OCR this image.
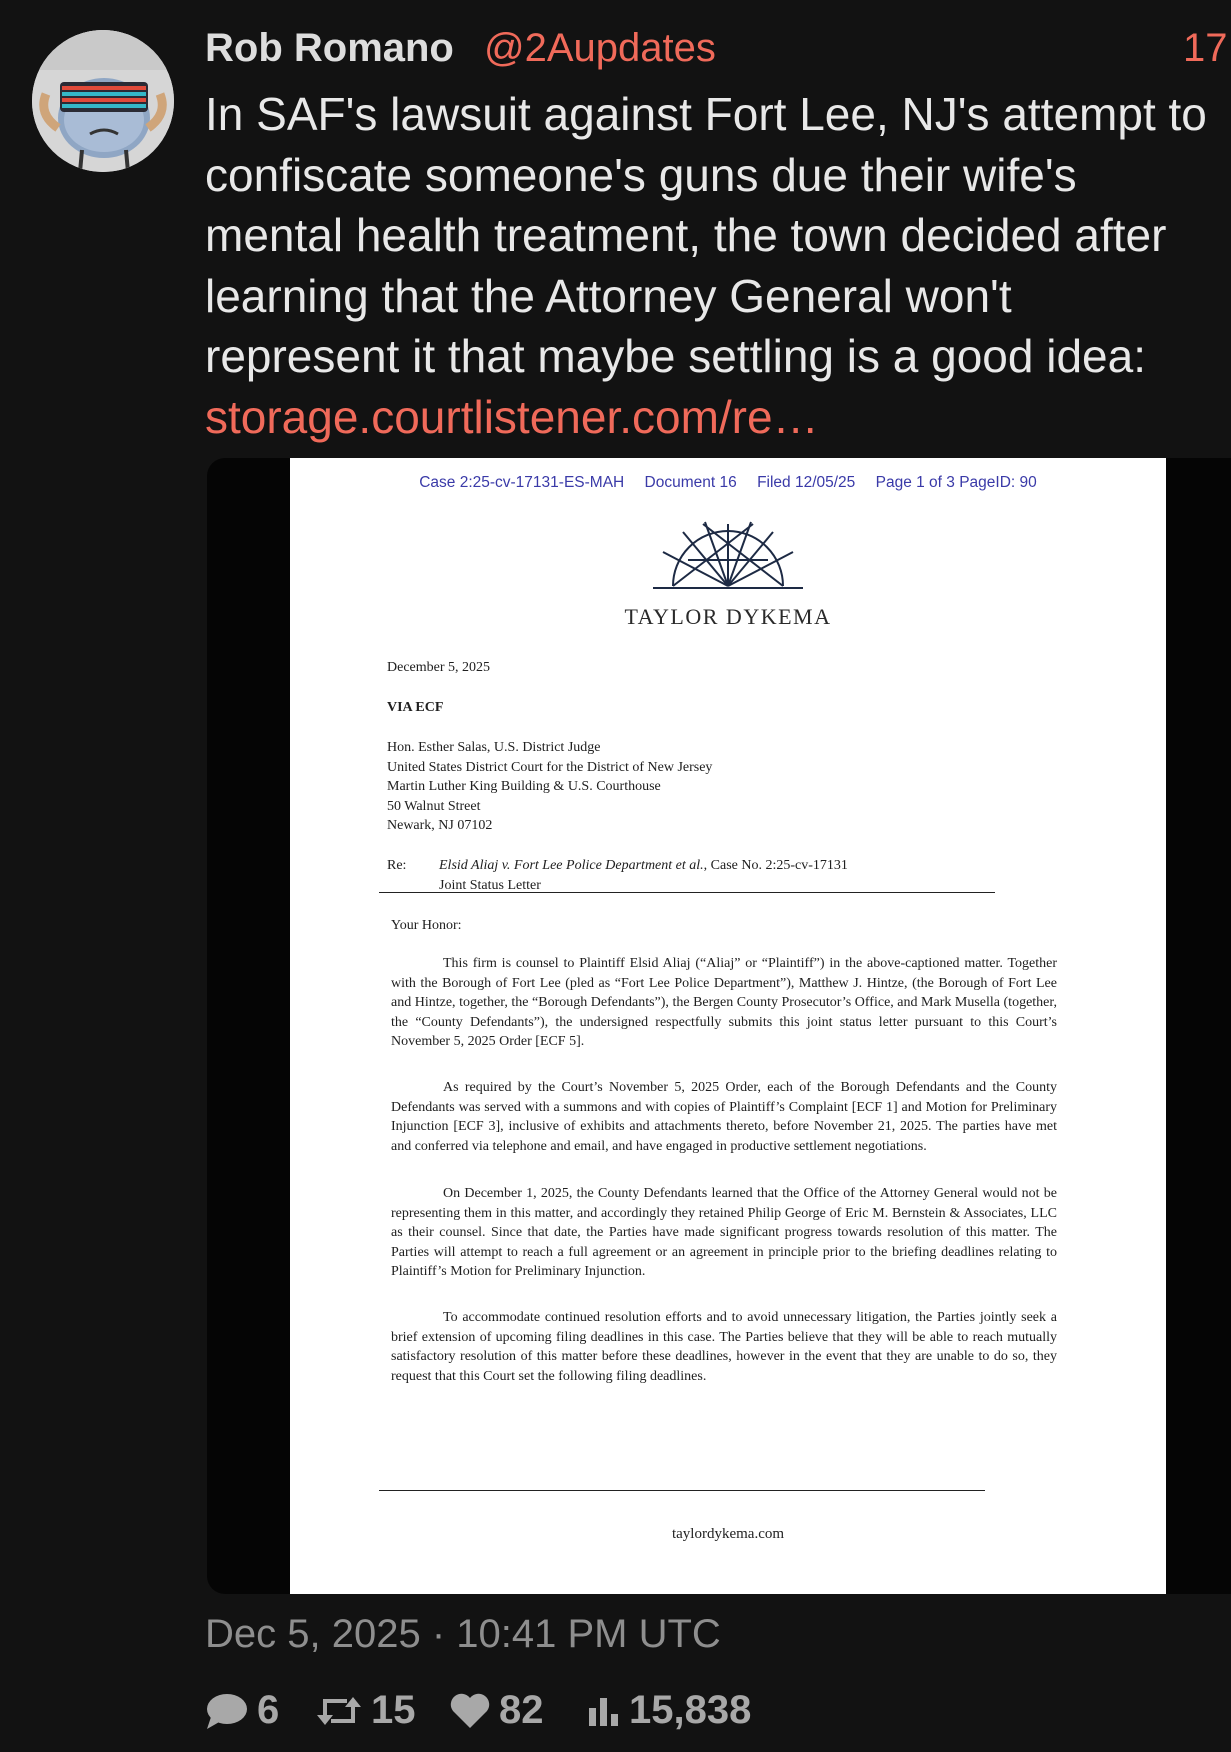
Rob Romano @2Aupdates	17
In SAF's lawsuit against Fort Lee, NJ's attempt to
confiscate someone's guns due their wife's
mental health treatment, the town decided after
learning that the Attorney General won't
represent it that maybe settling is a good idea:
storage.courtlistener.com/re…
Case 2:25-cv-17131-ES-MAH Document 16 Filed 12/05/25 Page 1 of 3 PageID: 90
TAYLOR DYKEMA
December 5, 2025
VIA ECF
Hon. Esther Salas, U.S. District Judge
United States District Court for the District of New Jersey
Martin Luther King Building & U.S. Courthouse
50 Walnut Street
Newark, NJ 07102
Re: Elsid Aliaj v. Fort Lee Police Department et al., Case No. 2:25-cv-17131
Joint Status Letter
Your Honor:
This firm is counsel to Plaintiff Elsid Aliaj (“Aliaj” or “Plaintiff”) in the above-captioned matter. Together with the Borough of Fort Lee (pled as “Fort Lee Police Department”), Matthew J. Hintze, (the Borough of Fort Lee and Hintze, together, the “Borough Defendants”), the Bergen County Prosecutor’s Office, and Mark Musella (together, the “County Defendants”), the undersigned respectfully submits this joint status letter pursuant to this Court’s November 5, 2025 Order [ECF 5].
As required by the Court’s November 5, 2025 Order, each of the Borough Defendants and the County Defendants was served with a summons and with copies of Plaintiff’s Complaint [ECF 1] and Motion for Preliminary Injunction [ECF 3], inclusive of exhibits and attachments thereto, before November 21, 2025. The parties have met and conferred via telephone and email, and have engaged in productive settlement negotiations.
On December 1, 2025, the County Defendants learned that the Office of the Attorney General would not be representing them in this matter, and accordingly they retained Philip George of Eric M. Bernstein & Associates, LLC as their counsel. Since that date, the Parties have made significant progress towards resolution of this matter. The Parties will attempt to reach a full agreement or an agreement in principle prior to the briefing deadlines relating to Plaintiff’s Motion for Preliminary Injunction.
To accommodate continued resolution efforts and to avoid unnecessary litigation, the Parties jointly seek a brief extension of upcoming filing deadlines in this case. The Parties believe that they will be able to reach mutually satisfactory resolution of this matter before these deadlines, however in the event that they are unable to do so, they request that this Court set the following filing deadlines.
taylordykema.com
Dec 5, 2025 · 10:41 PM UTC
6 15 82 15,838
